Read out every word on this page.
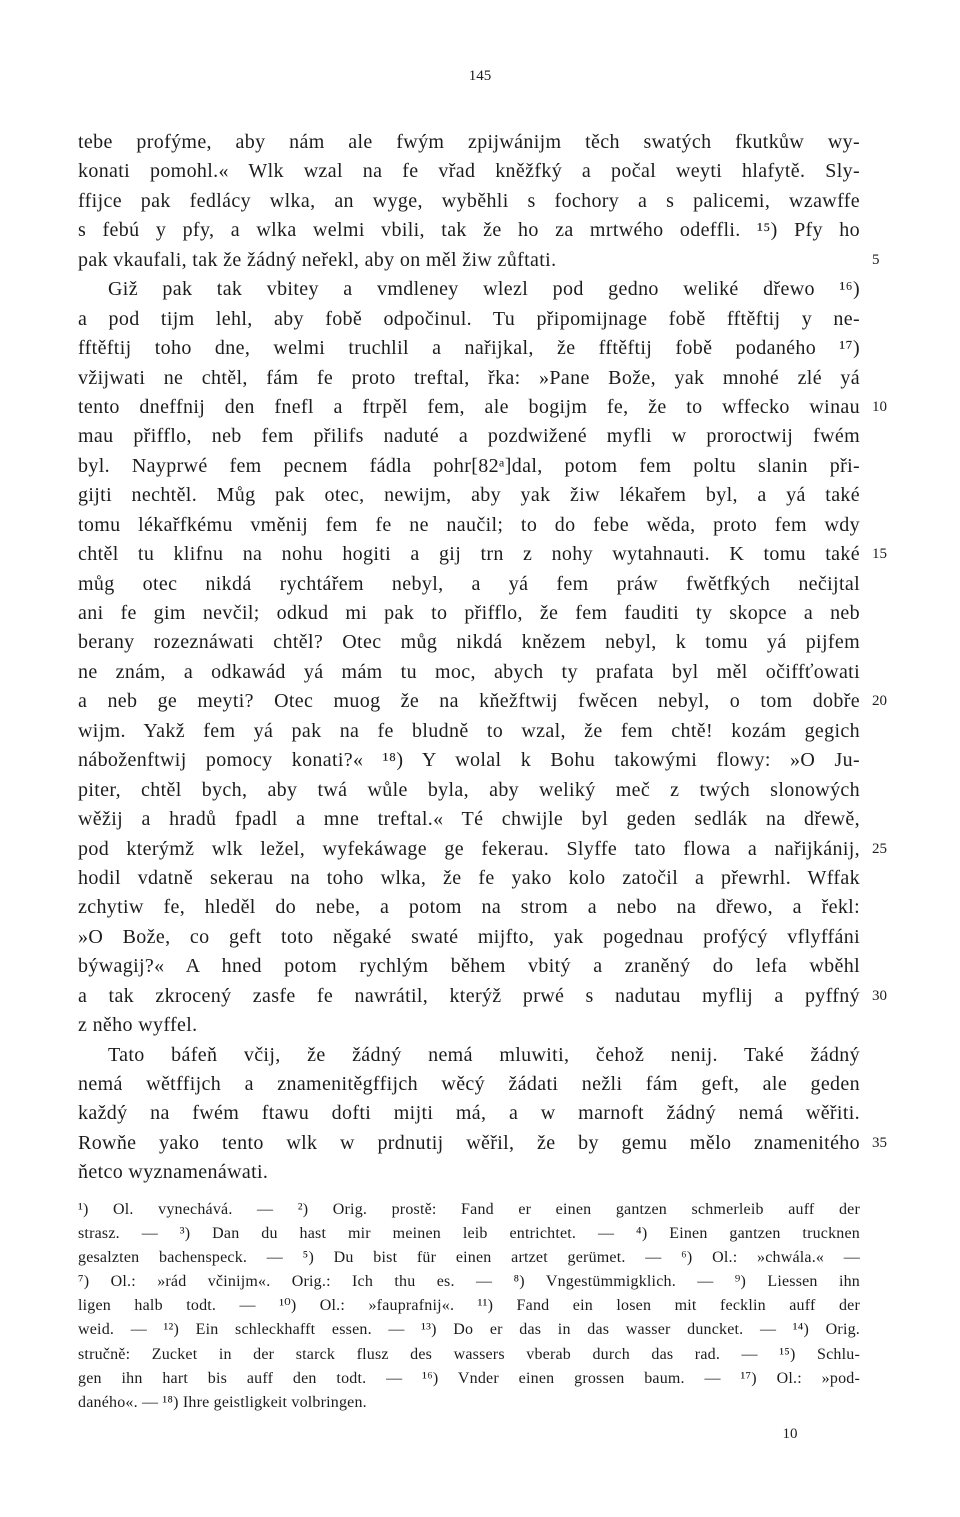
145
tebe profýme, aby nám ale fwým zpijwánijm těch swatých fkutkůw wy-
konati pomohl.« Wlk wzal na fe vřad kněžfký a počal weyti hlafytě. Sly-
ffijce pak fedlácy wlka, an wyge, wyběhli s fochory a s palicemi, wzawffe
s febú y pfy, a wlka welmi vbili, tak že ho za mrtwého odeffli. ¹⁵) Pfy ho
pak vkaufali, tak že žádný neřekl, aby on měl žiw zůftati.	5
Giž pak tak vbitey a vmdleney wlezl pod gedno weliké dřewo ¹⁶)
a pod tijm lehl, aby fobě odpočinul. Tu připomijnage fobě fftěftij y ne-
fftěftij toho dne, welmi truchlil a nařijkal, že fftěftij fobě podaného ¹⁷)
vžijwati ne chtěl, fám fe proto treftal, řka: »Pane Bože, yak mnohé zlé yá
tento dneffnij den fnefl a ftrpěl fem, ale bogijm fe, že to wffecko winau 10
mau přifflo, neb fem přilifs naduté a pozdwižené myfli w proroctwij fwém
byl. Nayprwé fem pecnem fádla pohr[82ᵃ]dal, potom fem poltu slanin při-
gijti nechtěl. Můg pak otec, newijm, aby yak žiw lékařem byl, a yá také
tomu lékařfkému vměnij fem fe ne naučil; to do febe wěda, proto fem wdy
chtěl tu klifnu na nohu hogiti a gij trn z nohy wytahnauti. K tomu také 15
můg otec nikdá rychtářem nebyl, a yá fem práw fwětfkých nečijtal
ani fe gim nevčil; odkud mi pak to přifflo, že fem fauditi ty skopce a neb
berany rozeznáwati chtěl? Otec můg nikdá knězem nebyl, k tomu yá pijfem
ne znám, a odkawád yá mám tu moc, abych ty prafata byl měl očiffťowati
a neb ge meyti? Otec muog že na kňežftwij fwěcen nebyl, o tom dobře 20
wijm. Yakž fem yá pak na fe bludně to wzal, že fem chtě! kozám gegich
náboženftwij pomocy konati?« ¹⁸) Y wolal k Bohu takowými flowy: »O Ju-
piter, chtěl bych, aby twá wůle byla, aby weliký meč z twých slonowých
wěžij a hradů fpadl a mne treftal.« Té chwijle byl geden sedlák na dřewě,
pod kterýmž wlk ležel, wyfekáwage ge fekerau. Slyffe tato flowa a nařijkánij, 25
hodil vdatně sekerau na toho wlka, že fe yako kolo zatočil a přewrhl. Wffak
zchytiw fe, hleděl do nebe, a potom na strom a nebo na dřewo, a řekl:
»O Bože, co geft toto něgaké swaté mijfto, yak pogednau profýcý vflyffáni
býwagij?« A hned potom rychlým během vbitý a zraněný do lefa wběhl
a tak zkrocený zasfe fe nawrátil, kterýž prwé s nadutau myflij a pyffný 30
z něho wyffel.
Tato báfeň včij, že žádný nemá mluwiti, čehož nenij. Také žádný
nemá wětffijch a znamenitěgffijch wěcý žádati nežli fám geft, ale geden
každý na fwém ftawu dofti mijti má, a w marnoft žádný nemá wěřiti.
Rowňe yako tento wlk w prdnutij wěřil, že by gemu mělo znamenitého 35
ňetco wyznamenáwati.
¹) Ol. vynechává. — ²) Orig. prostě: Fand er einen gantzen schmerleib auff der
strasz. — ³) Dan du hast mir meinen leib entrichtet. — ⁴) Einen gantzen trucknen
gesalzten bachenspeck. — ⁵) Du bist für einen artzet gerümet. — ⁶) Ol.: »chwála.« —
⁷) Ol.: »rád včinijm«. Orig.: Ich thu es. — ⁸) Vngestümmigklich. — ⁹) Liessen ihn
ligen halb todt. — ¹⁰) Ol.: »fauprafnij«. ¹¹) Fand ein losen mit fecklin auff der
weid. — ¹²) Ein schleckhafft essen. — ¹³) Do er das in das wasser duncket. — ¹⁴) Orig.
stručně: Zucket in der starck flusz des wassers vberab durch das rad. — ¹⁵) Schlu-
gen ihn hart bis auff den todt. — ¹⁶) Vnder einen grossen baum. — ¹⁷) Ol.: »pod-
daného«. — ¹⁸) Ihre geistligkeit volbringen.
10
